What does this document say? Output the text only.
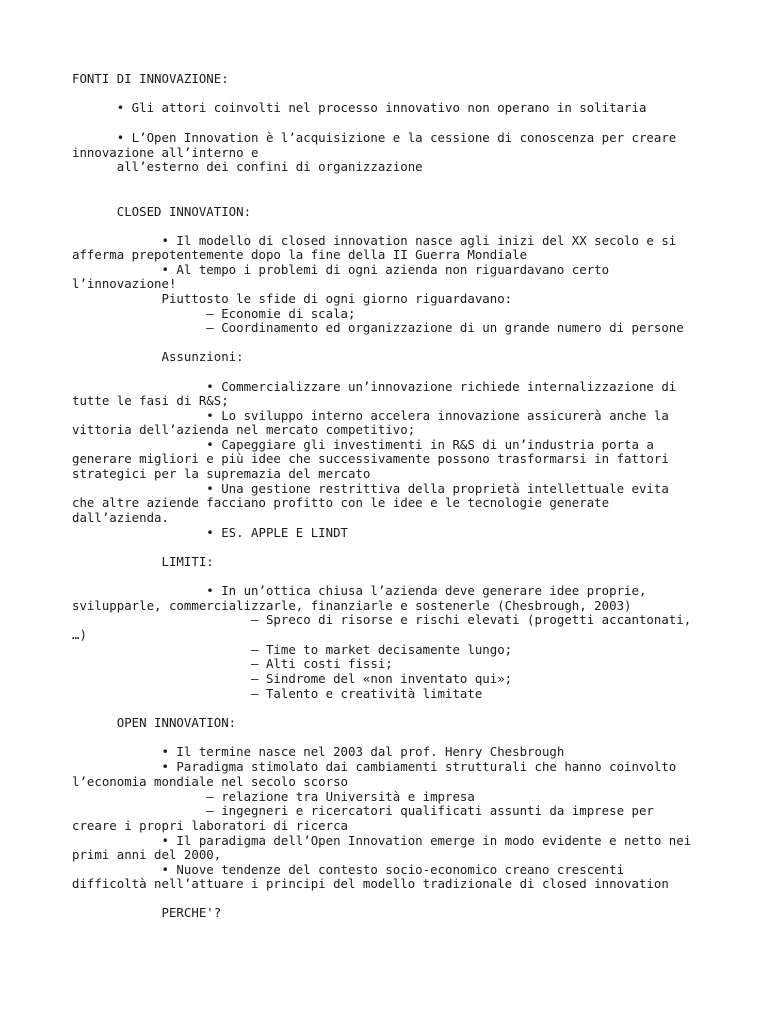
FONTI DI INNOVAZIONE:

• Gli attori coinvolti nel processo innovativo non operano in solitaria

• L’Open Innovation è l’acquisizione e la cessione di conoscenza per creare

innovazione all’interno e

all’esterno dei confini di organizzazione

CLOSED INNOVATION:

• Il modello di closed innovation nasce agli inizi del XX secolo e si

afferma prepotentemente dopo la fine della II Guerra Mondiale

• Al tempo i problemi di ogni azienda non riguardavano certo

l’innovazione!

Piuttosto le sfide di ogni giorno riguardavano:

– Economie di scala;

– Coordinamento ed organizzazione di un grande numero di persone

Assunzioni:

• Commercializzare un’innovazione richiede internalizzazione di

tutte le fasi di R&S;

• Lo sviluppo interno accelera innovazione assicurerà anche la

vittoria dell’azienda nel mercato competitivo;

• Capeggiare gli investimenti in R&S di un’industria porta a

generare migliori e più idee che successivamente possono trasformarsi in fattori

strategici per la supremazia del mercato

• Una gestione restrittiva della proprietà intellettuale evita

che altre aziende facciano profitto con le idee e le tecnologie generate

dall’azienda.

• ES. APPLE E LINDT

LIMITI:

• In un’ottica chiusa l’azienda deve generare idee proprie,

svilupparle, commercializzarle, finanziarle e sostenerle (Chesbrough, 2003)

– Spreco di risorse e rischi elevati (progetti accantonati,

…)

– Time to market decisamente lungo;

– Alti costi fissi;

– Sindrome del «non inventato qui»;

– Talento e creatività limitate

OPEN INNOVATION:

• Il termine nasce nel 2003 dal prof. Henry Chesbrough

• Paradigma stimolato dai cambiamenti strutturali che hanno coinvolto

l’economia mondiale nel secolo scorso

– relazione tra Università e impresa

– ingegneri e ricercatori qualificati assunti da imprese per

creare i propri laboratori di ricerca

• Il paradigma dell’Open Innovation emerge in modo evidente e netto nei

primi anni del 2000,

• Nuove tendenze del contesto socio-economico creano crescenti

difficoltà nell’attuare i principi del modello tradizionale di closed innovation

PERCHE'?
